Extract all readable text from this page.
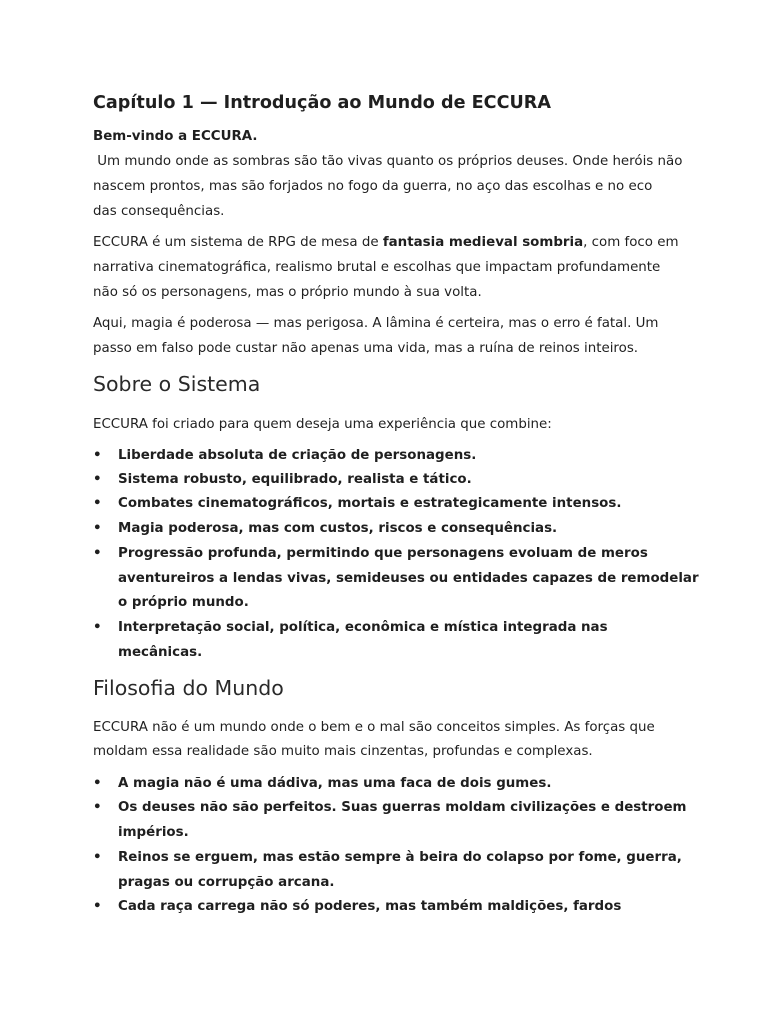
Capítulo 1 — Introdução ao Mundo de ECCURA
Bem-vindo a ECCURA.
Um mundo onde as sombras são tão vivas quanto os próprios deuses. Onde heróis não
nascem prontos, mas são forjados no fogo da guerra, no aço das escolhas e no eco
das consequências.
ECCURA é um sistema de RPG de mesa de fantasia medieval sombria, com foco em
narrativa cinematográfica, realismo brutal e escolhas que impactam profundamente
não só os personagens, mas o próprio mundo à sua volta.
Aqui, magia é poderosa — mas perigosa. A lâmina é certeira, mas o erro é fatal. Um
passo em falso pode custar não apenas uma vida, mas a ruína de reinos inteiros.
Sobre o Sistema
ECCURA foi criado para quem deseja uma experiência que combine:
• Liberdade absoluta de criação de personagens.
• Sistema robusto, equilibrado, realista e tático.
• Combates cinematográficos, mortais e estrategicamente intensos.
• Magia poderosa, mas com custos, riscos e consequências.
• Progressão profunda, permitindo que personagens evoluam de meros
aventureiros a lendas vivas, semideuses ou entidades capazes de remodelar
o próprio mundo.
• Interpretação social, política, econômica e mística integrada nas
mecânicas.
Filosofia do Mundo
ECCURA não é um mundo onde o bem e o mal são conceitos simples. As forças que
moldam essa realidade são muito mais cinzentas, profundas e complexas.
• A magia não é uma dádiva, mas uma faca de dois gumes.
• Os deuses não são perfeitos. Suas guerras moldam civilizações e destroem
impérios.
• Reinos se erguem, mas estão sempre à beira do colapso por fome, guerra,
pragas ou corrupção arcana.
• Cada raça carrega não só poderes, mas também maldições, fardos
